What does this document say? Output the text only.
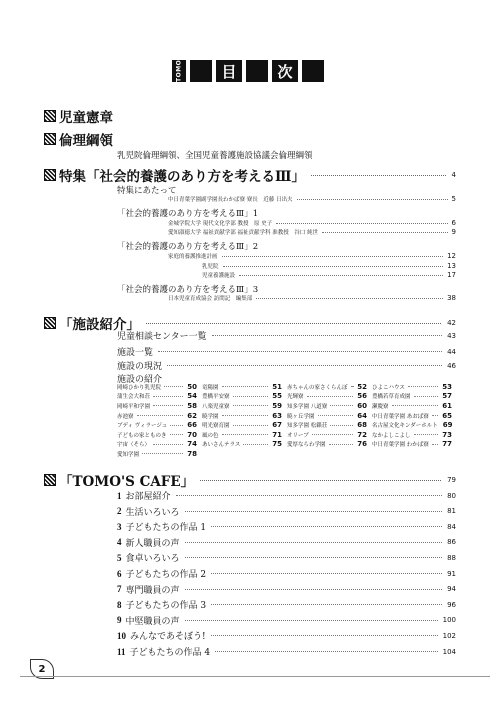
TOMO	目	次
児童憲章
倫理綱領
乳児院倫理綱領、全国児童養護施設協議会倫理綱領
特集「社会的養護のあり方を考えるⅢ」	4
特集にあたって
中日青葉学園副学園長わかば寮 寮長　近藤 日出夫	5
「社会的養護のあり方を考えるⅢ」1
金城学院大学 現代文化学部 教授　原 史子	6
愛知淑徳大学 福祉貢献学部 福祉貢献学科 准教授　谷口 純世	9
「社会的養護のあり方を考えるⅢ」2
家庭的養護推進計画	12
乳児院	13
児童養護施設	17
「社会的養護のあり方を考えるⅢ」3
日本児童育成協会 訪問記　編集部	38
「施設紹介」	42
児童相談センター一覧	43
施設一覧	44
施設の現況	46
施設の紹介
岡崎ひかり乳児院	50 竜陽園	51 赤ちゃんの家さくらんぼ	52 ひよこハウス	53
蒲生会大和荘	54 豊橋平安寮	55 光輝寮	56 豊橋若草育成園	57
岡崎平和学園	58 八楽児童寮	59 知多学園 八道寮	60 瀬慶寮	61
赤池寮	62 暁学園	63 暁ヶ丘学園	64 中日青葉学園 あおば寮	65
ブディ ヴィラージュ	66 明光寮育園	67 知多学園 松籟荘	68 名古屋文化キンダーホルト 69
子どもの家とものき	70 風の色	71 オリーブ	72 なかよしこよし	73
宇宙（そら）	74 あいさんテラス	75 愛厚ならわ学園	76 中日青葉学園 わかば寮	77
愛知学園	78
「TOMO'S CAFE」	79
1 お部屋紹介	80
2 生活いろいろ	81
3 子どもたちの作品 1	84
4 新人職員の声	86
5 食卓いろいろ	88
6 子どもたちの作品 2	91
7 専門職員の声	94
8 子どもたちの作品 3	96
9 中堅職員の声	100
10 みんなであそぼう!	102
11 子どもたちの作品 4	104
2
